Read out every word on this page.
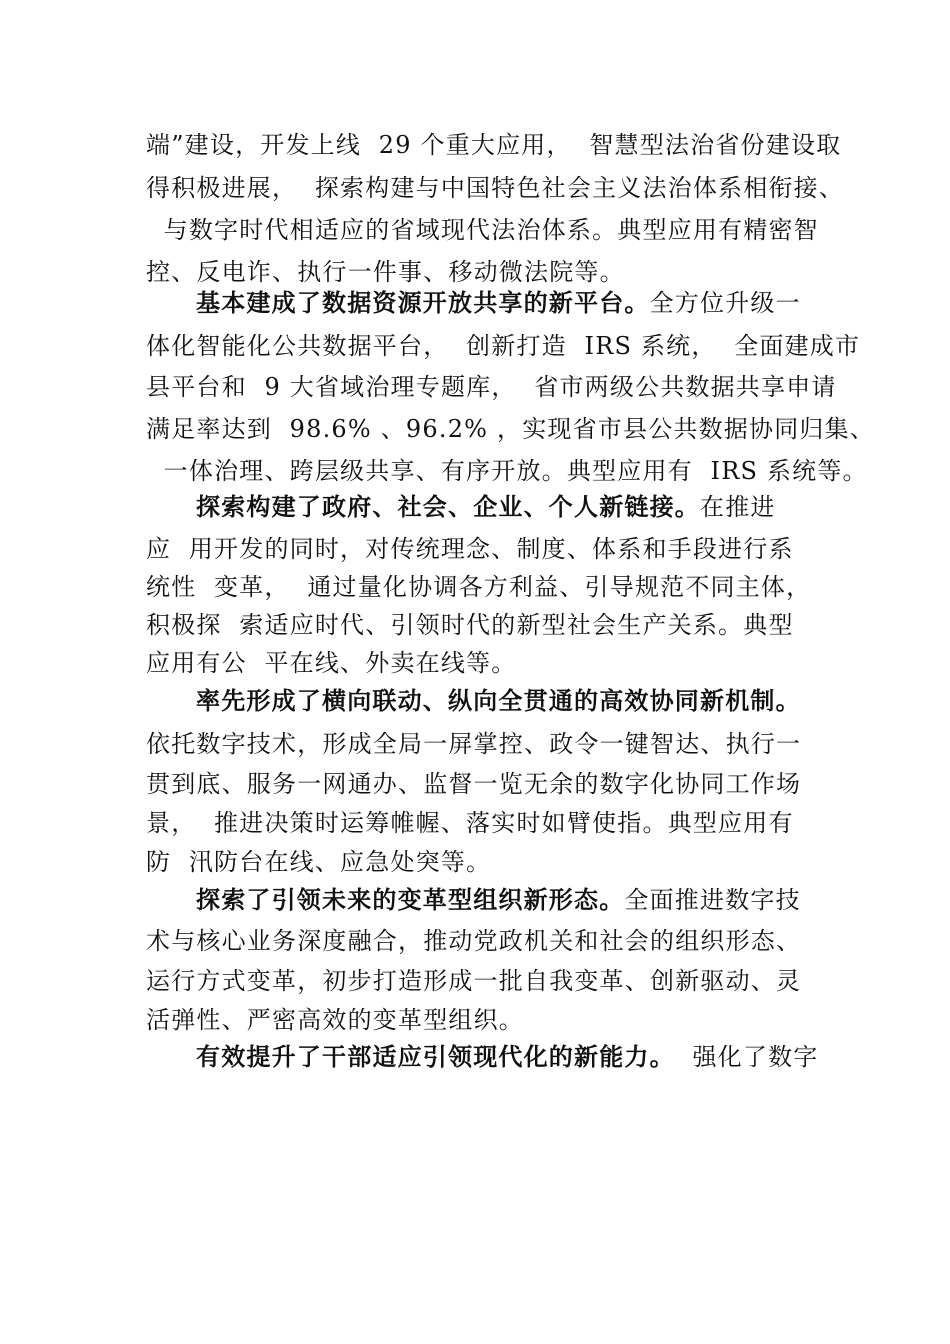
端”建设，开发上线  29 个重大应用，  智慧型法治省份建设取
得积极进展，  探索构建与中国特色社会主义法治体系相衔接、
与数字时代相适应的省域现代法治体系。典型应用有精密智
控、反电诈、执行一件事、移动微法院等。
基本建成了数据资源开放共享的新平台。全方位升级一
体化智能化公共数据平台，  创新打造  IRS 系统，  全面建成市
县平台和  9 大省域治理专题库，  省市两级公共数据共享申请
满足率达到  98.6% 、96.2% ，实现省市县公共数据协同归集、
一体治理、跨层级共享、有序开放。典型应用有  IRS 系统等。
探索构建了政府、社会、企业、个人新链接。在推进
应  用开发的同时，对传统理念、制度、体系和手段进行系
统性  变革，  通过量化协调各方利益、引导规范不同主体，
积极探  索适应时代、引领时代的新型社会生产关系。典型
应用有公  平在线、外卖在线等。
率先形成了横向联动、纵向全贯通的高效协同新机制。
依托数字技术，形成全局一屏掌控、政令一键智达、执行一
贯到底、服务一网通办、监督一览无余的数字化协同工作场
景，  推进决策时运筹帷幄、落实时如臂使指。典型应用有
防  汛防台在线、应急处突等。
探索了引领未来的变革型组织新形态。全面推进数字技
术与核心业务深度融合，推动党政机关和社会的组织形态、
运行方式变革，初步打造形成一批自我变革、创新驱动、灵
活弹性、严密高效的变革型组织。
有效提升了干部适应引领现代化的新能力。  强化了数字
